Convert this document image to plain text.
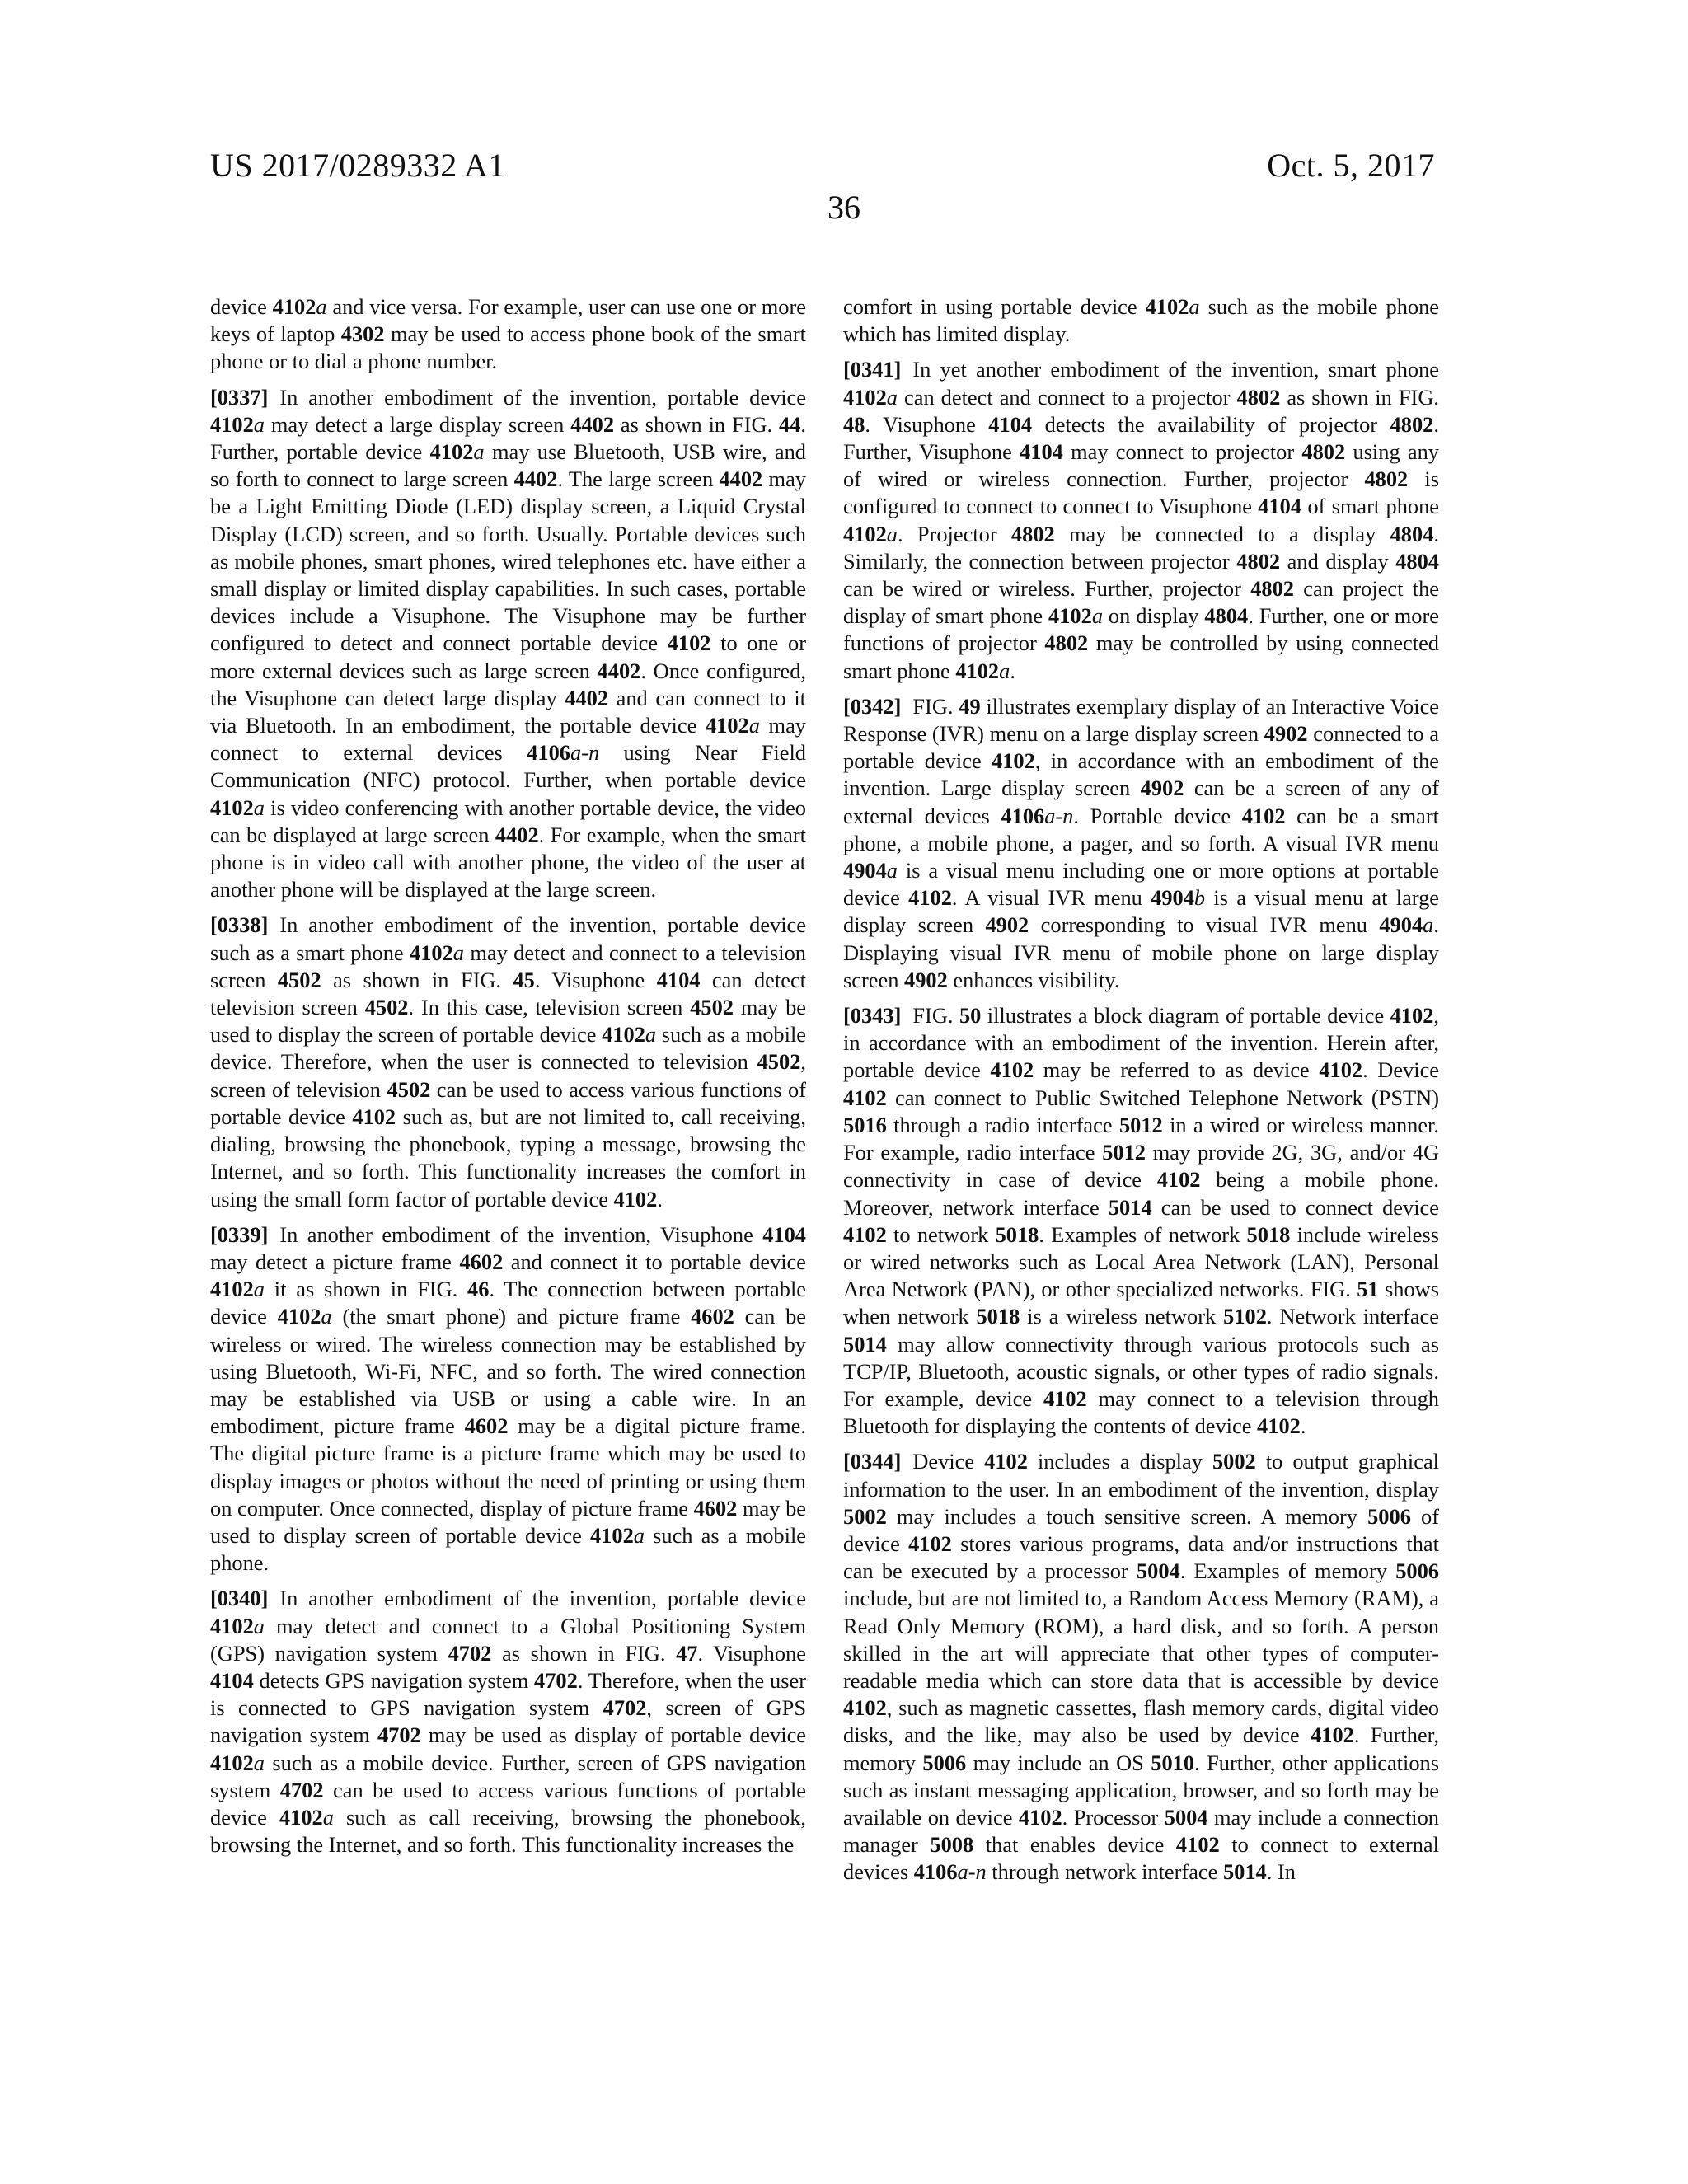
US 2017/0289332 A1	Oct. 5, 2017
36
device 4102a and vice versa. For example, user can use one or more keys of laptop 4302 may be used to access phone book of the smart phone or to dial a phone number.
[0337] In another embodiment of the invention, portable device 4102a may detect a large display screen 4402 as shown in FIG. 44. Further, portable device 4102a may use Bluetooth, USB wire, and so forth to connect to large screen 4402. The large screen 4402 may be a Light Emitting Diode (LED) display screen, a Liquid Crystal Display (LCD) screen, and so forth. Usually. Portable devices such as mobile phones, smart phones, wired telephones etc. have either a small display or limited display capabilities. In such cases, portable devices include a Visuphone. The Visuphone may be further configured to detect and connect portable device 4102 to one or more external devices such as large screen 4402. Once configured, the Visuphone can detect large display 4402 and can connect to it via Bluetooth. In an embodiment, the portable device 4102a may connect to external devices 4106a-n using Near Field Communication (NFC) protocol. Further, when portable device 4102a is video conferencing with another portable device, the video can be displayed at large screen 4402. For example, when the smart phone is in video call with another phone, the video of the user at another phone will be displayed at the large screen.
[0338] In another embodiment of the invention, portable device such as a smart phone 4102a may detect and connect to a television screen 4502 as shown in FIG. 45. Visuphone 4104 can detect television screen 4502. In this case, television screen 4502 may be used to display the screen of portable device 4102a such as a mobile device. Therefore, when the user is connected to television 4502, screen of television 4502 can be used to access various functions of portable device 4102 such as, but are not limited to, call receiving, dialing, browsing the phonebook, typing a message, browsing the Internet, and so forth. This functionality increases the comfort in using the small form factor of portable device 4102.
[0339] In another embodiment of the invention, Visuphone 4104 may detect a picture frame 4602 and connect it to portable device 4102a it as shown in FIG. 46. The connection between portable device 4102a (the smart phone) and picture frame 4602 can be wireless or wired. The wireless connection may be established by using Bluetooth, Wi-Fi, NFC, and so forth. The wired connection may be established via USB or using a cable wire. In an embodiment, picture frame 4602 may be a digital picture frame. The digital picture frame is a picture frame which may be used to display images or photos without the need of printing or using them on computer. Once connected, display of picture frame 4602 may be used to display screen of portable device 4102a such as a mobile phone.
[0340] In another embodiment of the invention, portable device 4102a may detect and connect to a Global Positioning System (GPS) navigation system 4702 as shown in FIG. 47. Visuphone 4104 detects GPS navigation system 4702. Therefore, when the user is connected to GPS navigation system 4702, screen of GPS navigation system 4702 may be used as display of portable device 4102a such as a mobile device. Further, screen of GPS navigation system 4702 can be used to access various functions of portable device 4102a such as call receiving, browsing the phonebook, browsing the Internet, and so forth. This functionality increases the
comfort in using portable device 4102a such as the mobile phone which has limited display.
[0341] In yet another embodiment of the invention, smart phone 4102a can detect and connect to a projector 4802 as shown in FIG. 48. Visuphone 4104 detects the availability of projector 4802. Further, Visuphone 4104 may connect to projector 4802 using any of wired or wireless connection. Further, projector 4802 is configured to connect to connect to Visuphone 4104 of smart phone 4102a. Projector 4802 may be connected to a display 4804. Similarly, the connection between projector 4802 and display 4804 can be wired or wireless. Further, projector 4802 can project the display of smart phone 4102a on display 4804. Further, one or more functions of projector 4802 may be controlled by using connected smart phone 4102a.
[0342] FIG. 49 illustrates exemplary display of an Interactive Voice Response (IVR) menu on a large display screen 4902 connected to a portable device 4102, in accordance with an embodiment of the invention. Large display screen 4902 can be a screen of any of external devices 4106a-n. Portable device 4102 can be a smart phone, a mobile phone, a pager, and so forth. A visual IVR menu 4904a is a visual menu including one or more options at portable device 4102. A visual IVR menu 4904b is a visual menu at large display screen 4902 corresponding to visual IVR menu 4904a. Displaying visual IVR menu of mobile phone on large display screen 4902 enhances visibility.
[0343] FIG. 50 illustrates a block diagram of portable device 4102, in accordance with an embodiment of the invention. Herein after, portable device 4102 may be referred to as device 4102. Device 4102 can connect to Public Switched Telephone Network (PSTN) 5016 through a radio interface 5012 in a wired or wireless manner. For example, radio interface 5012 may provide 2G, 3G, and/or 4G connectivity in case of device 4102 being a mobile phone. Moreover, network interface 5014 can be used to connect device 4102 to network 5018. Examples of network 5018 include wireless or wired networks such as Local Area Network (LAN), Personal Area Network (PAN), or other specialized networks. FIG. 51 shows when network 5018 is a wireless network 5102. Network interface 5014 may allow connectivity through various protocols such as TCP/IP, Bluetooth, acoustic signals, or other types of radio signals. For example, device 4102 may connect to a television through Bluetooth for displaying the contents of device 4102.
[0344] Device 4102 includes a display 5002 to output graphical information to the user. In an embodiment of the invention, display 5002 may includes a touch sensitive screen. A memory 5006 of device 4102 stores various programs, data and/or instructions that can be executed by a processor 5004. Examples of memory 5006 include, but are not limited to, a Random Access Memory (RAM), a Read Only Memory (ROM), a hard disk, and so forth. A person skilled in the art will appreciate that other types of computer-readable media which can store data that is accessible by device 4102, such as magnetic cassettes, flash memory cards, digital video disks, and the like, may also be used by device 4102. Further, memory 5006 may include an OS 5010. Further, other applications such as instant messaging application, browser, and so forth may be available on device 4102. Processor 5004 may include a connection manager 5008 that enables device 4102 to connect to external devices 4106a-n through network interface 5014. In
